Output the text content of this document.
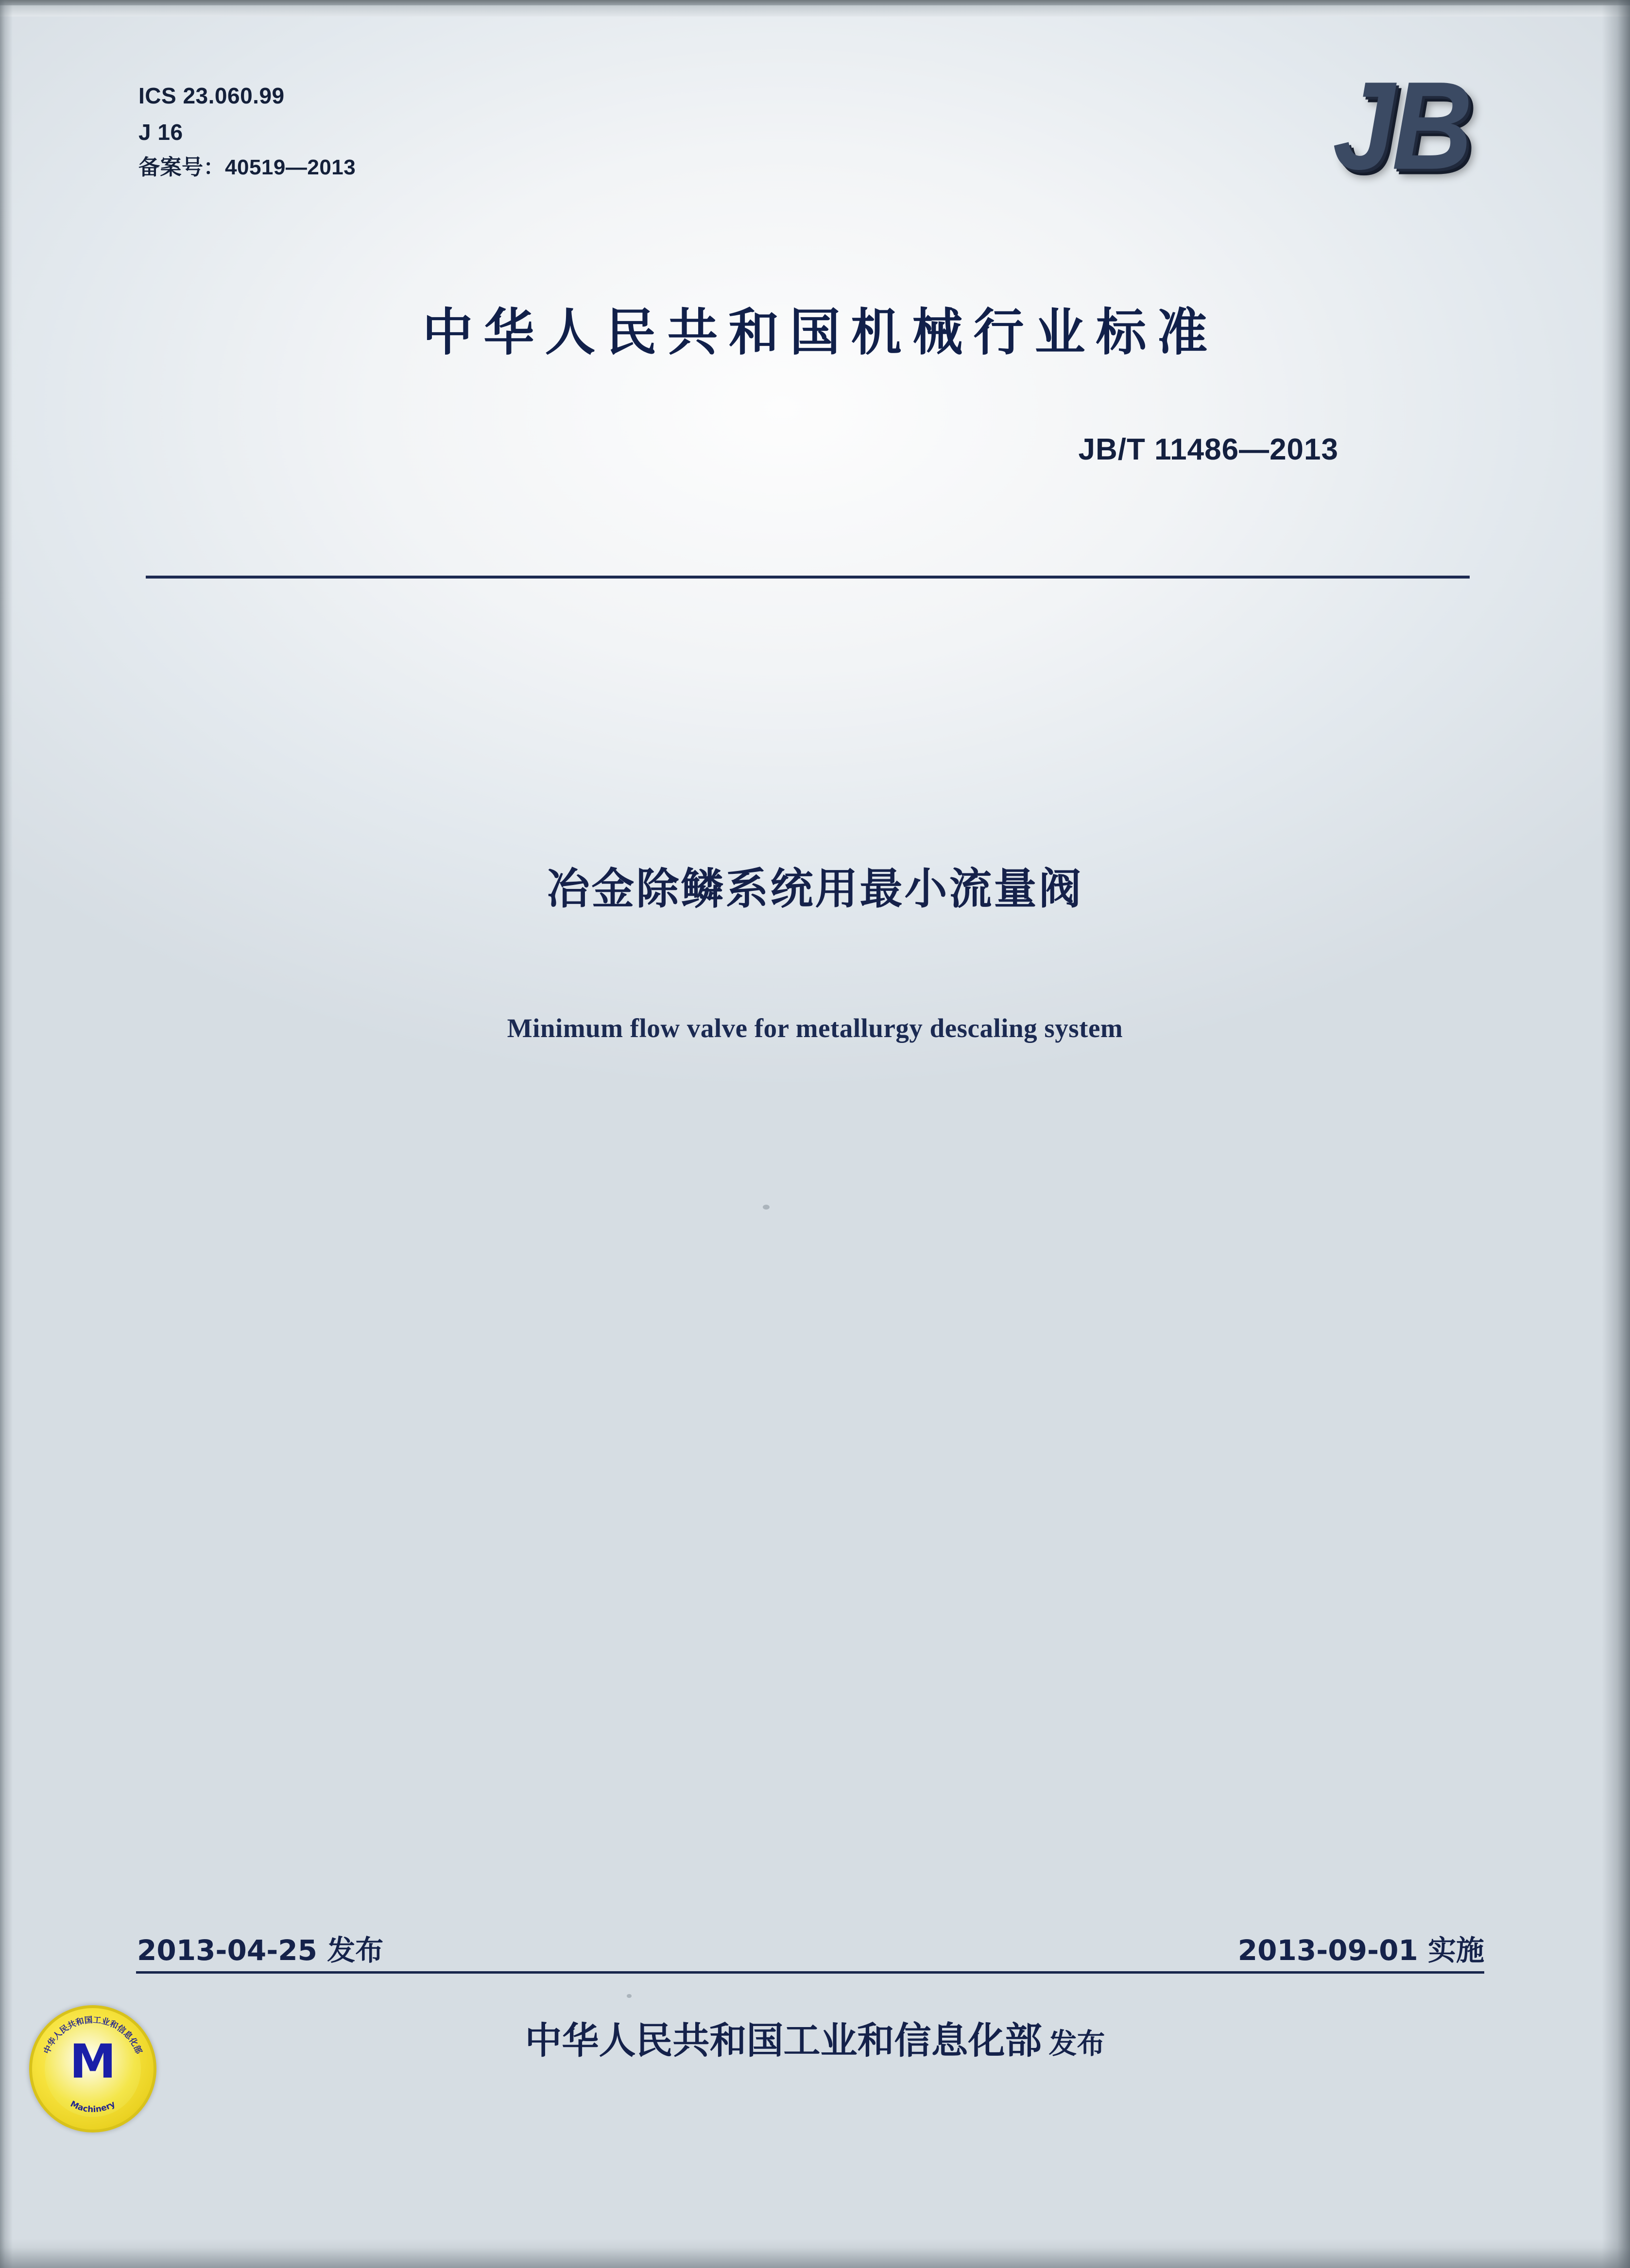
ICS 23.060.99
J 16
备案号：40519—2013	JB
中华人民共和国机械行业标准
JB/T 11486—2013
冶金除鳞系统用最小流量阀
Minimum flow valve for metallurgy descaling system
2013-04-25 发布	2013-09-01 实施
中华人民共和国工业和信息化部 发布
中华人民共和国工业和信息化部
Machinery
M
